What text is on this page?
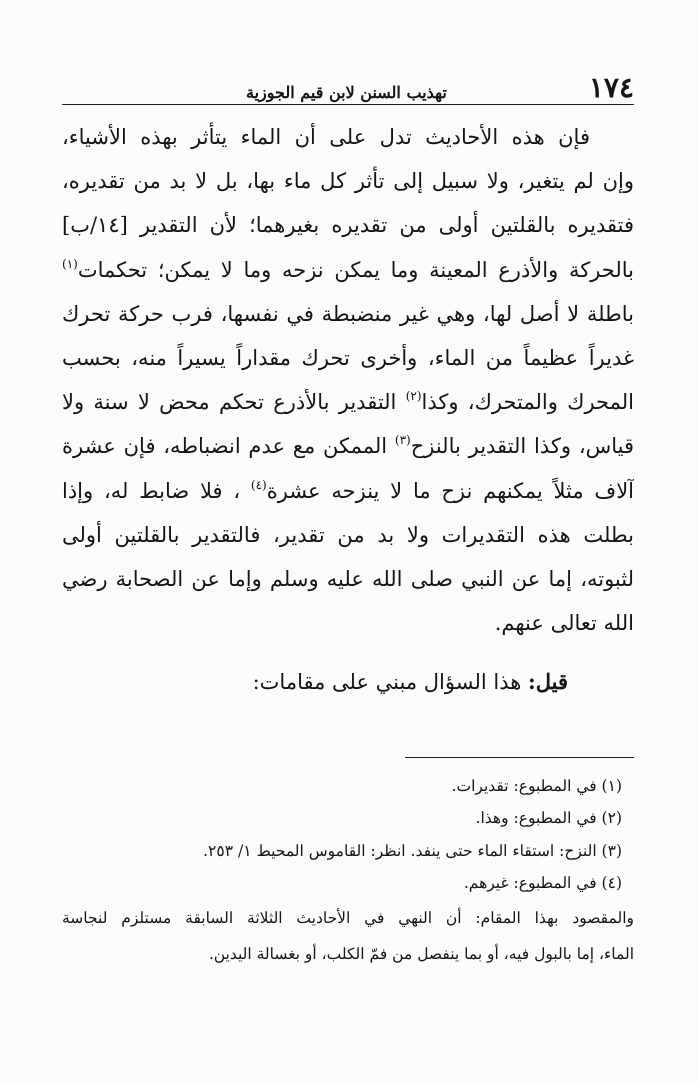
١٧٤
تهذيب السنن لابن قيم الجوزية
فإن هذه الأحاديث تدل على أن الماء يتأثر بهذه الأشياء،
وإن لم يتغير، ولا سبيل إلى تأثر كل ماء بها، بل لا بد من تقديره،
فتقديره بالقلتين أولى من تقديره بغيرهما؛ لأن التقدير [١٤/ب]
بالحركة والأذرع المعينة وما يمكن نزحه وما لا يمكن؛ تحكمات$^{(١)}$
باطلة لا أصل لها، وهي غير منضبطة في نفسها، فرب حركة تحرك
غديراً عظيماً من الماء، وأخرى تحرك مقداراً يسيراً منه، بحسب
المحرك والمتحرك، وكذا$^{(٢)}$ التقدير بالأذرع تحكم محض لا سنة ولا
قياس، وكذا التقدير بالنزح$^{(٣)}$ الممكن مع عدم انضباطه، فإن عشرة
آلاف مثلاً يمكنهم نزح ما لا ينزحه عشرة$^{(٤)}$ ، فلا ضابط له، وإذا
بطلت هذه التقديرات ولا بد من تقدير، فالتقدير بالقلتين أولى
لثبوته، إما عن النبي صلى الله عليه وسلم وإما عن الصحابة رضي
الله تعالى عنهم.
قيل: هذا السؤال مبني على مقامات:
(١) في المطبوع: تقديرات.
(٢) في المطبوع: وهذا.
(٣) النزح: استقاء الماء حتى ينفد. انظر: القاموس المحيط ١/ ٢٥٣.
(٤) في المطبوع: غيرهم.
والمقصود بهذا المقام: أن النهي في الأحاديث الثلاثة السابقة مستلزم لنجاسة
الماء، إما بالبول فيه، أو بما ينفصل من فمّ الكلب، أو بغسالة اليدين.
